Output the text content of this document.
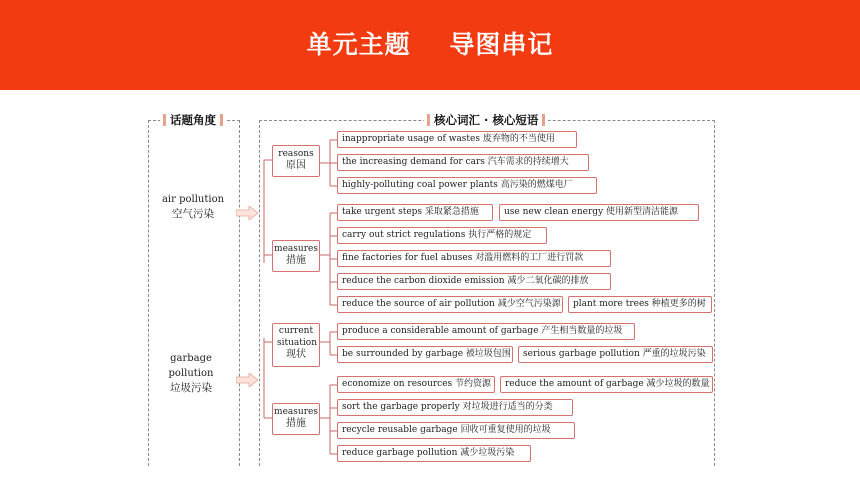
单元主题    导图串记
话题角度	核心词汇 · 核心短语
air pollution
空气污染
garbage pollution
垃圾污染
reasons
原因
measures
措施
current situation
现状
measures
措施
inappropriate usage of wastes 废弃物的不当使用
the increasing demand for cars 汽车需求的持续增大
highly-polluting coal power plants 高污染的燃煤电厂
take urgent steps 采取紧急措施	use new clean energy 使用新型清洁能源
carry out strict regulations 执行严格的规定
fine factories for fuel abuses 对滥用燃料的工厂进行罚款
reduce the carbon dioxide emission 减少二氧化碳的排放
reduce the source of air pollution 减少空气污染源	plant more trees 种植更多的树
produce a considerable amount of garbage 产生相当数量的垃圾
be surrounded by garbage 被垃圾包围	serious garbage pollution 严重的垃圾污染
economize on resources 节约资源	reduce the amount of garbage 减少垃圾的数量
sort the garbage properly 对垃圾进行适当的分类
recycle reusable garbage 回收可重复使用的垃圾
reduce garbage pollution 减少垃圾污染
